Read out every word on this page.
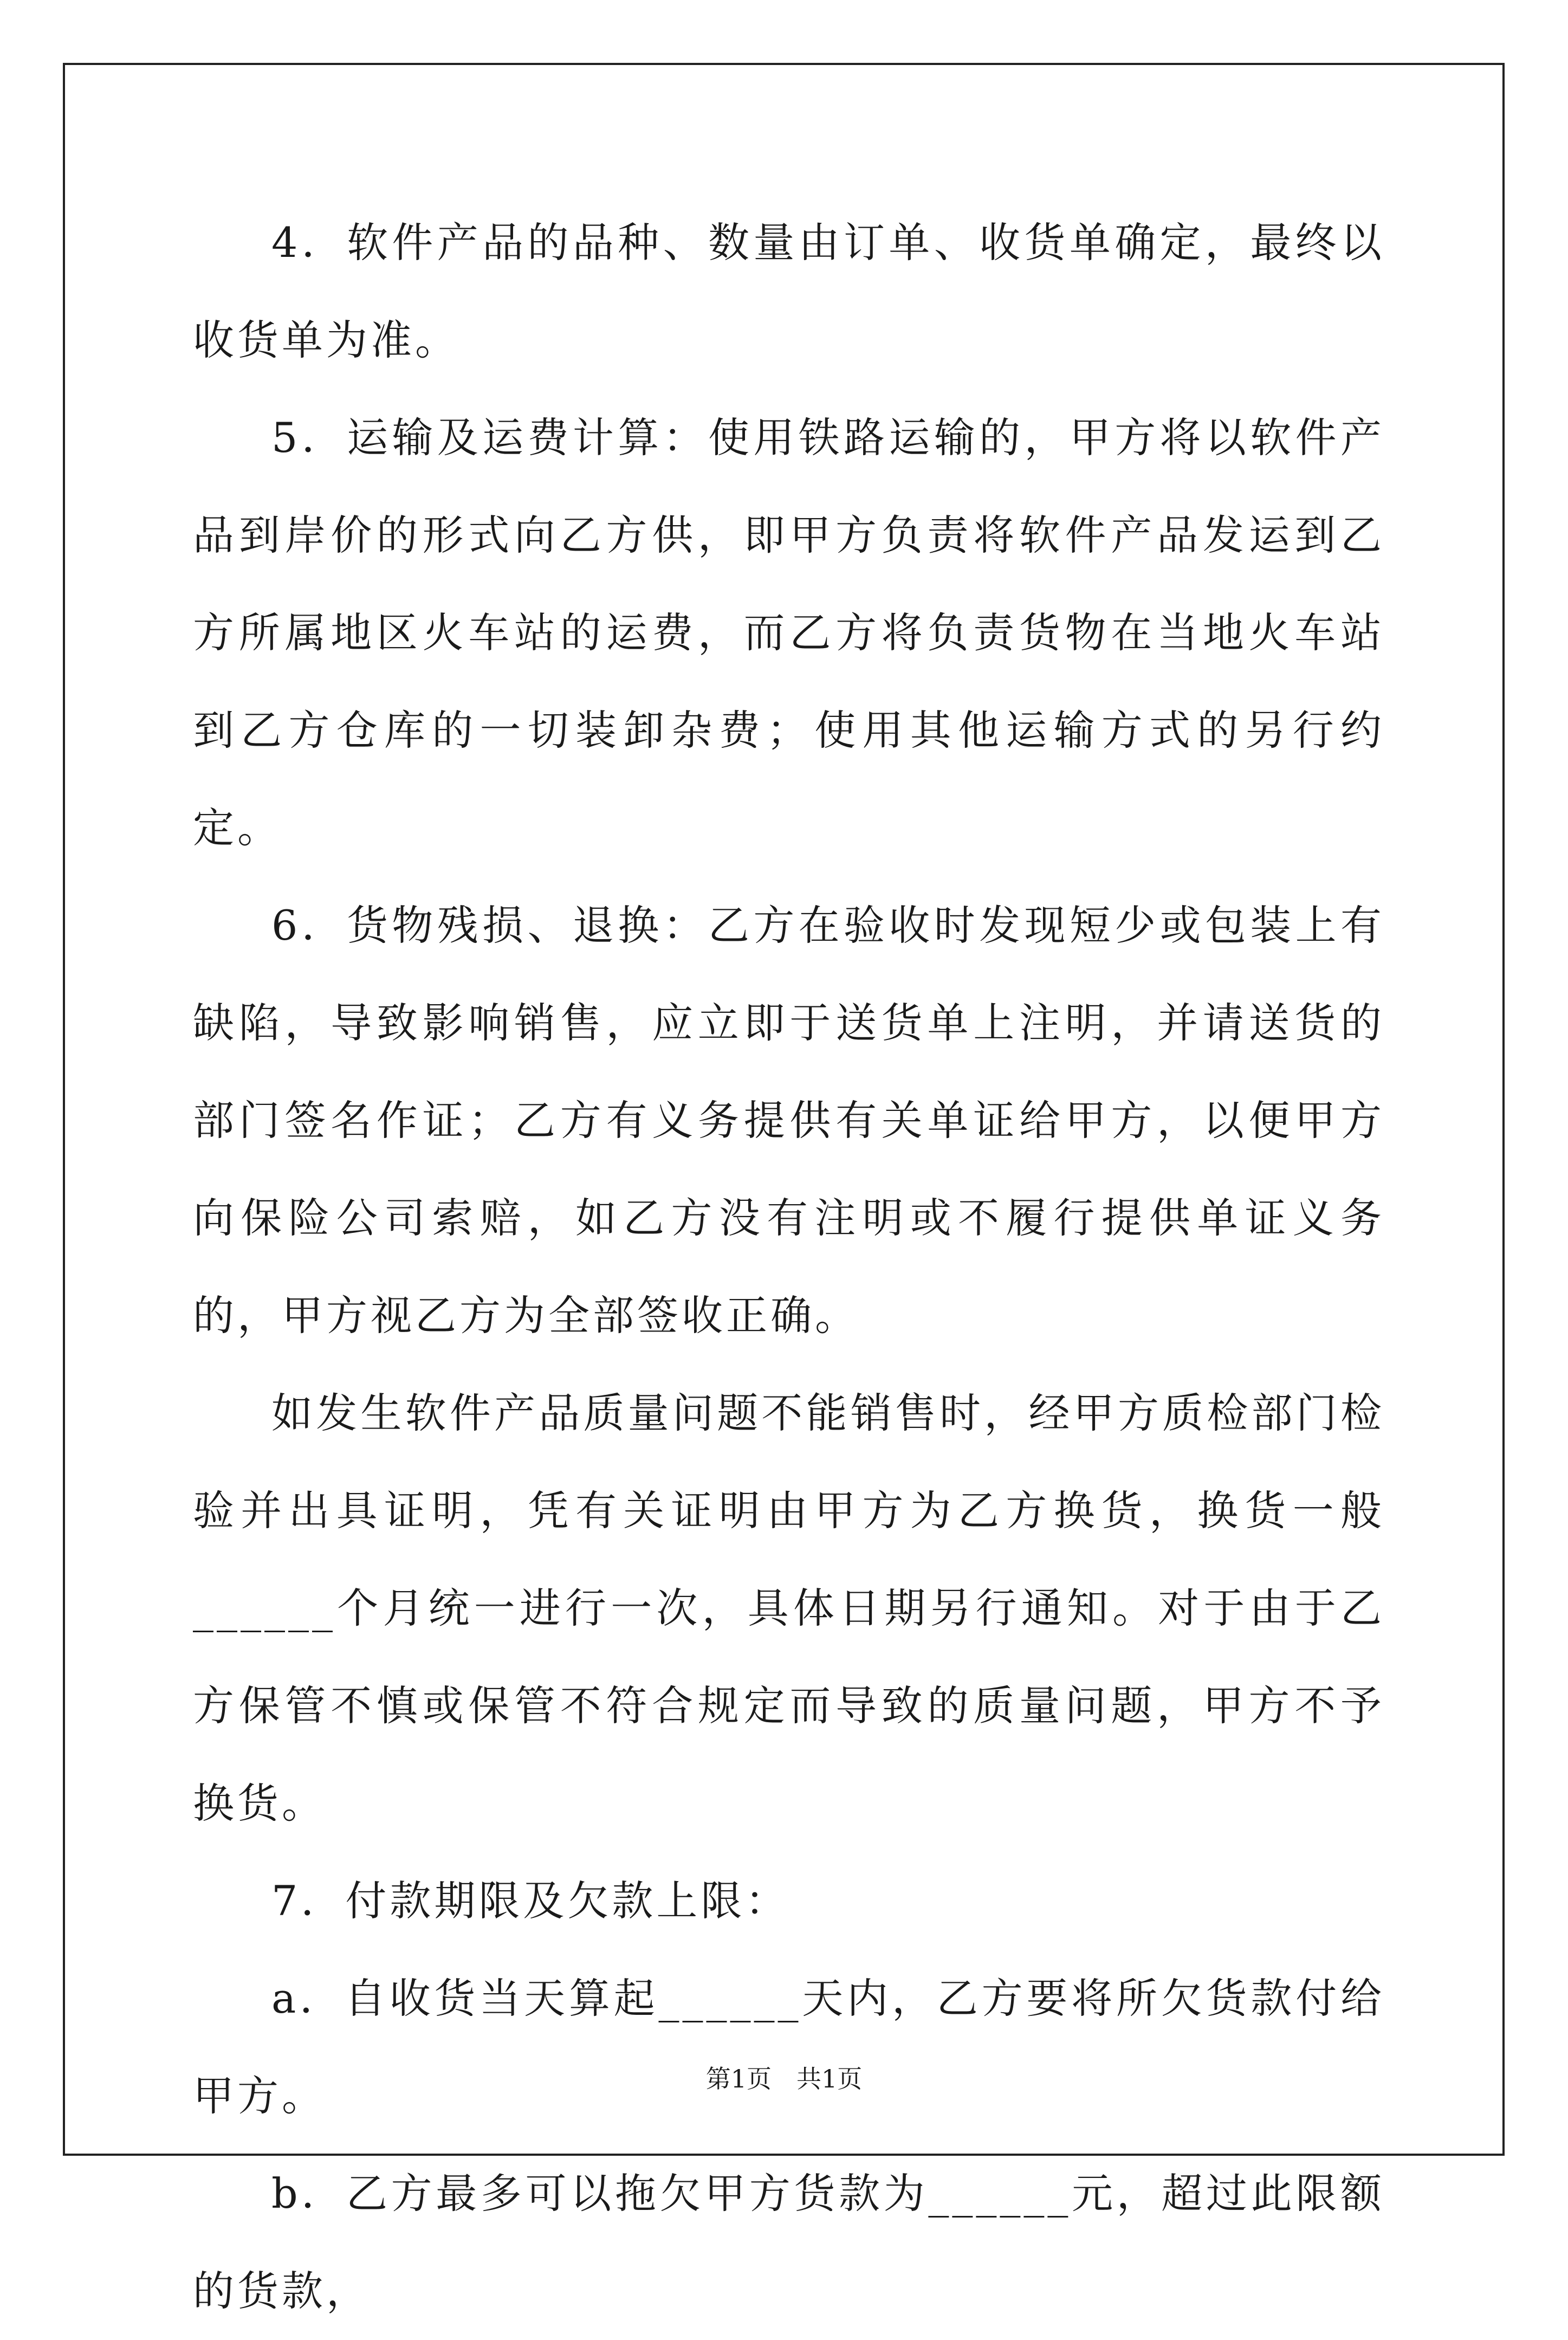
4．软件产品的品种、数量由订单、收货单确定，最终以收货单为准。

5．运输及运费计算：使用铁路运输的，甲方将以软件产品到岸价的形式向乙方供，即甲方负责将软件产品发运到乙方所属地区火车站的运费，而乙方将负责货物在当地火车站到乙方仓库的一切装卸杂费；使用其他运输方式的另行约定。

6．货物残损、退换：乙方在验收时发现短少或包装上有缺陷，导致影响销售，应立即于送货单上注明，并请送货的部门签名作证；乙方有义务提供有关单证给甲方，以便甲方向保险公司索赔，如乙方没有注明或不履行提供单证义务的，甲方视乙方为全部签收正确。

如发生软件产品质量问题不能销售时，经甲方质检部门检验并出具证明，凭有关证明由甲方为乙方换货，换货一般______个月统一进行一次，具体日期另行通知。对于由于乙方保管不慎或保管不符合规定而导致的质量问题，甲方不予换货。

7．付款期限及欠款上限：

a．自收货当天算起______天内，乙方要将所欠货款付给甲方。

b．乙方最多可以拖欠甲方货款为______元，超过此限额的货款，

第1页　共1页
